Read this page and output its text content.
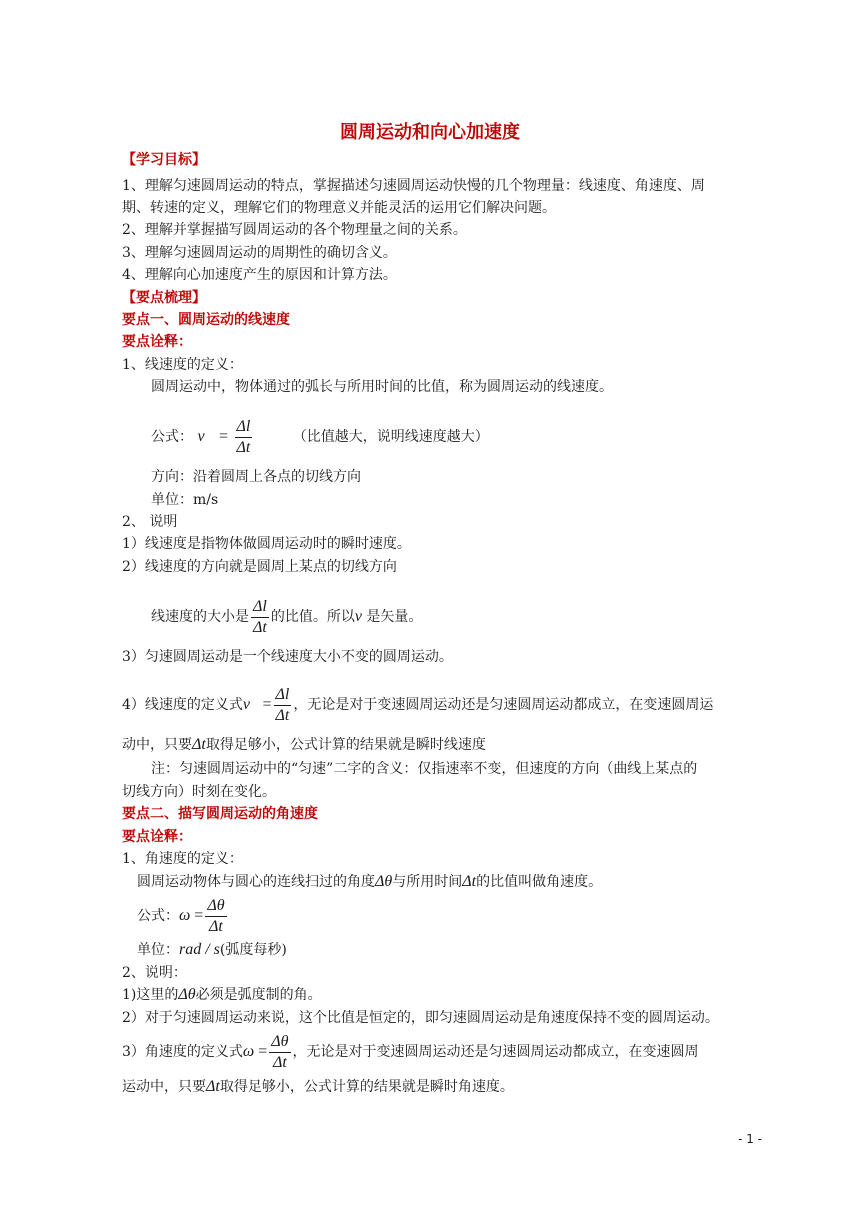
圆周运动和向心加速度
【学习目标】
1、理解匀速圆周运动的特点，掌握描述匀速圆周运动快慢的几个物理量：线速度、角速度、周
期、转速的定义，理解它们的物理意义并能灵活的运用它们解决问题。
2、理解并掌握描写圆周运动的各个物理量之间的关系。
3、理解匀速圆周运动的周期性的确切含义。
4、理解向心加速度产生的原因和计算方法。
【要点梳理】
要点一、圆周运动的线速度
要点诠释：
1、线速度的定义：
圆周运动中，物体通过的弧长与所用时间的比值，称为圆周运动的线速度。
公式： $v = \frac{\Delta l}{\Delta t}$	（比值越大，说明线速度越大）
方向：沿着圆周上各点的切线方向
单位：m/s
2、 说明
1）线速度是指物体做圆周运动时的瞬时速度。
2）线速度的方向就是圆周上某点的切线方向
线速度的大小是 $\frac{\Delta l}{\Delta t}$ 的比值。所以v 是矢量。
3）匀速圆周运动是一个线速度大小不变的圆周运动。
4）线速度的定义式$v = \frac{\Delta l}{\Delta t}$ ，无论是对于变速圆周运动还是匀速圆周运动都成立，在变速圆周运
动中，只要Δt取得足够小，公式计算的结果就是瞬时线速度
注：匀速圆周运动中的“匀速”二字的含义：仅指速率不变，但速度的方向（曲线上某点的
切线方向）时刻在变化。
要点二、描写圆周运动的角速度
要点诠释：
1、角速度的定义：
圆周运动物体与圆心的连线扫过的角度Δθ与所用时间Δt的比值叫做角速度。
公式：$\omega = \frac{\Delta\theta}{\Delta t}$
单位：rad / s(弧度每秒)
2、说明：
1)这里的Δθ必须是弧度制的角。
2）对于匀速圆周运动来说，这个比值是恒定的，即匀速圆周运动是角速度保持不变的圆周运动。
3）角速度的定义式$\omega = \frac{\Delta\theta}{\Delta t}$ ，无论是对于变速圆周运动还是匀速圆周运动都成立，在变速圆周
运动中，只要Δt取得足够小，公式计算的结果就是瞬时角速度。
- 1 -
